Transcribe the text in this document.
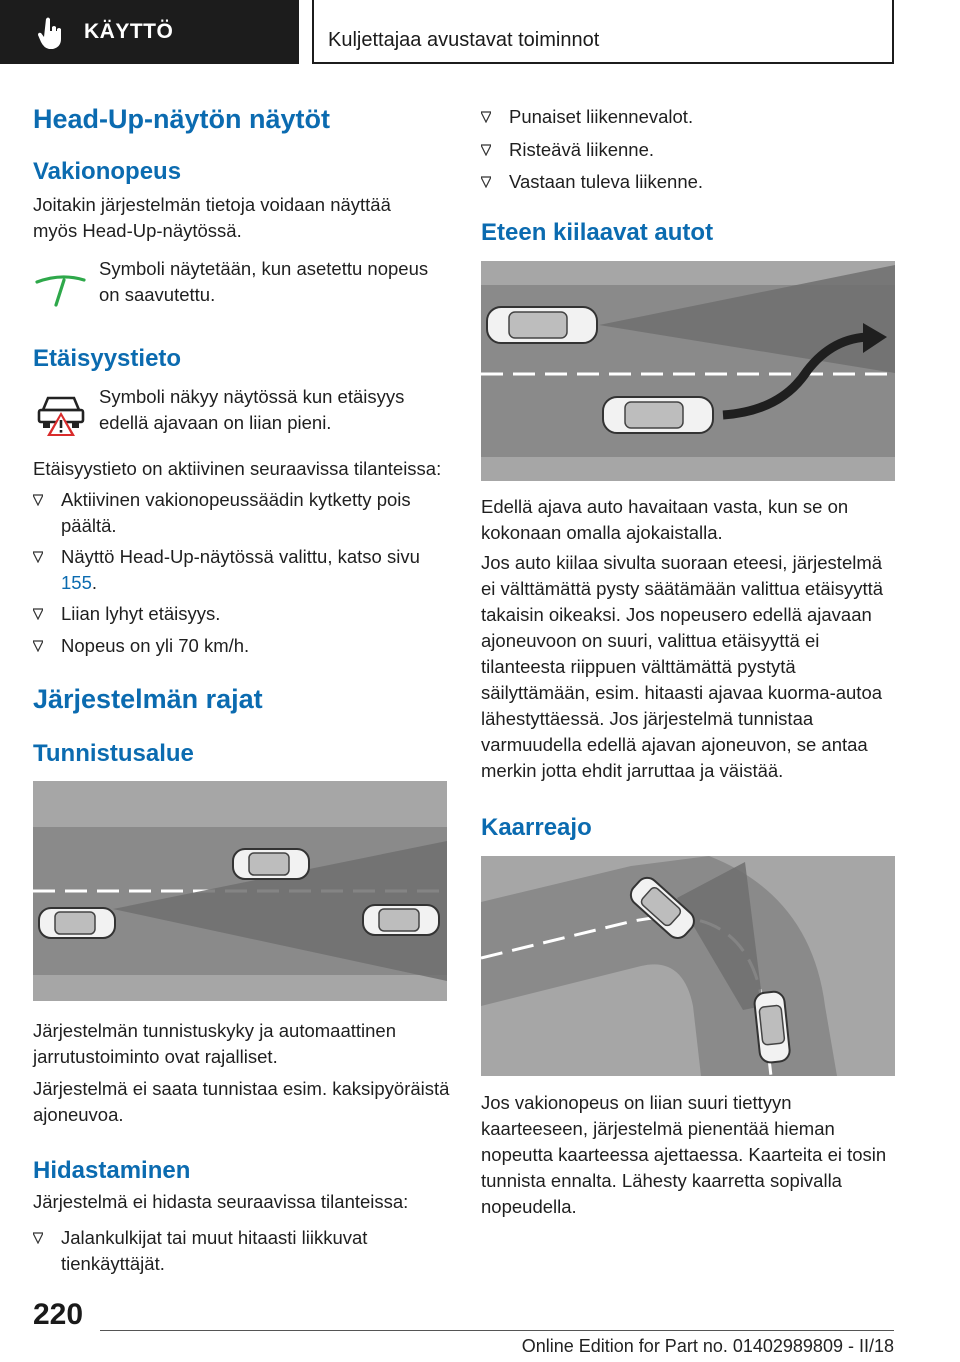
KÄYTTÖ	Kuljettajaa avustavat toiminnot
Head-Up-näytön näytöt
Vakionopeus
Joitakin järjestelmän tietoja voidaan näyttää myös Head-Up-näytössä.
Symboli näytetään, kun asetettu nopeus on saavutettu.
Etäisyystieto
Symboli näkyy näytössä kun etäisyys edellä ajavaan on liian pieni.
Etäisyystieto on aktiivinen seuraavissa tilanteissa:
Aktiivinen vakionopeussäädin kytketty pois päältä.
Näyttö Head-Up-näytössä valittu, katso sivu 155.
Liian lyhyt etäisyys.
Nopeus on yli 70 km/h.
Järjestelmän rajat
Tunnistusalue
Järjestelmän tunnistuskyky ja automaattinen jarrutustoiminto ovat rajalliset.
Järjestelmä ei saata tunnistaa esim. kaksipyöräistä ajoneuvoa.
Hidastaminen
Järjestelmä ei hidasta seuraavissa tilanteissa:
Jalankulkijat tai muut hitaasti liikkuvat tienkäyttäjät.
Punaiset liikennevalot.
Risteävä liikenne.
Vastaan tuleva liikenne.
Eteen kiilaavat autot
Edellä ajava auto havaitaan vasta, kun se on kokonaan omalla ajokaistalla.
Jos auto kiilaa sivulta suoraan eteesi, järjestelmä ei välttämättä pysty säätämään valittua etäisyyttä takaisin oikeaksi. Jos nopeusero edellä ajavaan ajoneuvoon on suuri, valittua etäisyyttä ei tilanteesta riippuen välttämättä pystytä säilyttämään, esim. hitaasti ajavaa kuorma-autoa lähestyttäessä. Jos järjestelmä tunnistaa varmuudella edellä ajavan ajoneuvon, se antaa merkin jotta ehdit jarruttaa ja väistää.
Kaarreajo
Jos vakionopeus on liian suuri tiettyyn kaarteeseen, järjestelmä pienentää hieman nopeutta kaarteessa ajettaessa. Kaarteita ei tosin tunnista ennalta. Lähesty kaarretta sopivalla nopeudella.
220
Online Edition for Part no. 01402989809 - II/18
